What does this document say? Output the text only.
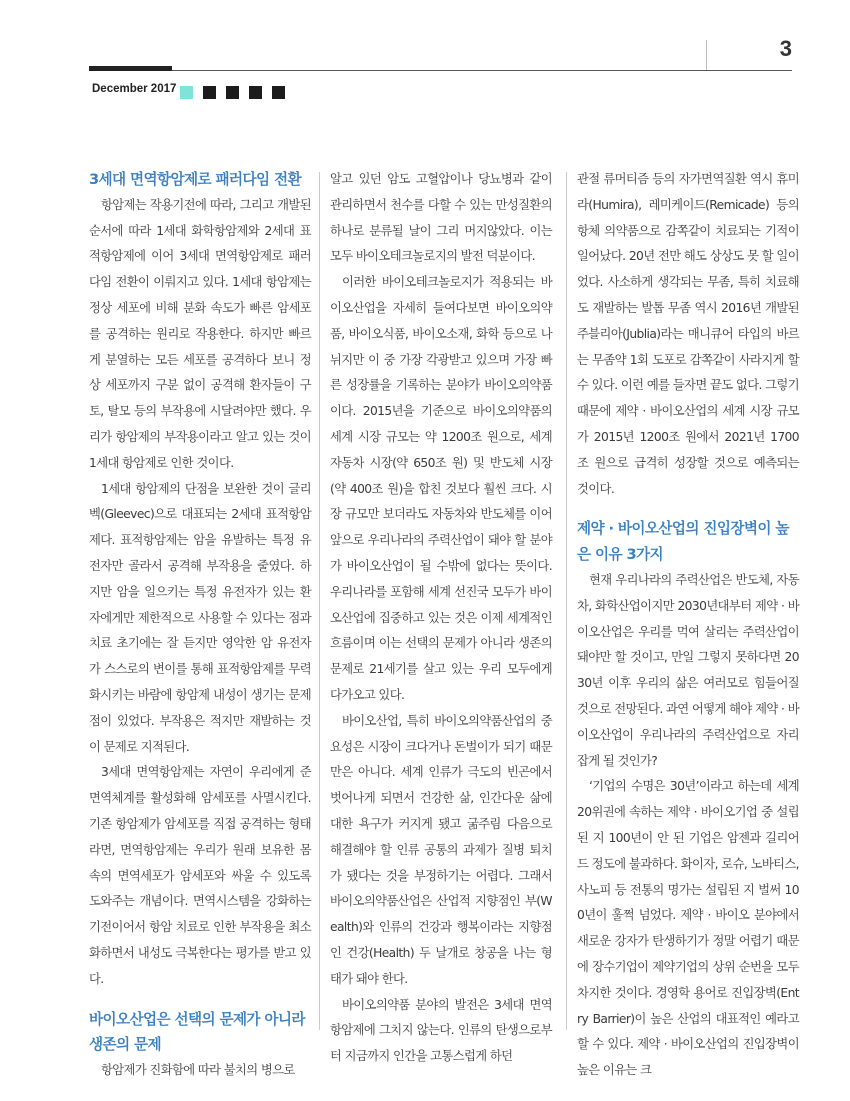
3
December 2017
3세대 면역항암제로 패러다임 전환

항암제는 작용기전에 따라, 그리고 개발된 순서에 따라 1세대 화학항암제와 2세대 표적항암제에 이어 3세대 면역항암제로 패러다임 전환이 이뤄지고 있다. 1세대 항암제는 정상 세포에 비해 분화 속도가 빠른 암세포를 공격하는 원리로 작용한다. 하지만 빠르게 분열하는 모든 세포를 공격하다 보니 정상 세포까지 구분 없이 공격해 환자들이 구토, 탈모 등의 부작용에 시달려야만 했다. 우리가 항암제의 부작용이라고 알고 있는 것이 1세대 항암제로 인한 것이다.

1세대 항암제의 단점을 보완한 것이 글리벡(Gleevec)으로 대표되는 2세대 표적항암제다. 표적항암제는 암을 유발하는 특정 유전자만 골라서 공격해 부작용을 줄였다. 하지만 암을 일으키는 특정 유전자가 있는 환자에게만 제한적으로 사용할 수 있다는 점과 치료 초기에는 잘 듣지만 영악한 암 유전자가 스스로의 변이를 통해 표적항암제를 무력화시키는 바람에 항암제 내성이 생기는 문제점이 있었다. 부작용은 적지만 재발하는 것이 문제로 지적된다.

3세대 면역항암제는 자연이 우리에게 준 면역체계를 활성화해 암세포를 사멸시킨다. 기존 항암제가 암세포를 직접 공격하는 형태라면, 면역항암제는 우리가 원래 보유한 몸속의 면역세포가 암세포와 싸울 수 있도록 도와주는 개념이다. 면역시스템을 강화하는 기전이어서 항암 치료로 인한 부작용을 최소화하면서 내성도 극복한다는 평가를 받고 있다.

바이오산업은 선택의 문제가 아니라 생존의 문제

항암제가 진화함에 따라 불치의 병으로

알고 있던 암도 고혈압이나 당뇨병과 같이 관리하면서 천수를 다할 수 있는 만성질환의 하나로 분류될 날이 그리 머지않았다. 이는 모두 바이오테크놀로지의 발전 덕분이다.

이러한 바이오테크놀로지가 적용되는 바이오산업을 자세히 들여다보면 바이오의약품, 바이오식품, 바이오소재, 화학 등으로 나뉘지만 이 중 가장 각광받고 있으며 가장 빠른 성장률을 기록하는 분야가 바이오의약품이다. 2015년을 기준으로 바이오의약품의 세계 시장 규모는 약 1200조 원으로, 세계 자동차 시장(약 650조 원) 및 반도체 시장(약 400조 원)을 합친 것보다 훨씬 크다. 시장 규모만 보더라도 자동차와 반도체를 이어 앞으로 우리나라의 주력산업이 돼야 할 분야가 바이오산업이 될 수밖에 없다는 뜻이다. 우리나라를 포함해 세계 선진국 모두가 바이오산업에 집중하고 있는 것은 이제 세계적인 흐름이며 이는 선택의 문제가 아니라 생존의 문제로 21세기를 살고 있는 우리 모두에게 다가오고 있다.

바이오산업, 특히 바이오의약품산업의 중요성은 시장이 크다거나 돈벌이가 되기 때문만은 아니다. 세계 인류가 극도의 빈곤에서 벗어나게 되면서 건강한 삶, 인간다운 삶에 대한 욕구가 커지게 됐고 굶주림 다음으로 해결해야 할 인류 공통의 과제가 질병 퇴치가 됐다는 것을 부정하기는 어렵다. 그래서 바이오의약품산업은 산업적 지향점인 부(Wealth)와 인류의 건강과 행복이라는 지향점인 건강(Health) 두 날개로 창공을 나는 형태가 돼야 한다.

바이오의약품 분야의 발전은 3세대 면역항암제에 그치지 않는다. 인류의 탄생으로부터 지금까지 인간을 고통스럽게 하던

관절 류머티즘 등의 자가면역질환 역시 휴미라(Humira), 레미케이드(Remicade) 등의 항체 의약품으로 감쪽같이 치료되는 기적이 일어났다. 20년 전만 해도 상상도 못 할 일이었다. 사소하게 생각되는 무좀, 특히 치료해도 재발하는 발톱 무좀 역시 2016년 개발된 주블리아(Jublia)라는 매니큐어 타입의 바르는 무좀약 1회 도포로 감쪽같이 사라지게 할 수 있다. 이런 예를 들자면 끝도 없다. 그렇기 때문에 제약 · 바이오산업의 세계 시장 규모가 2015년 1200조 원에서 2021년 1700조 원으로 급격히 성장할 것으로 예측되는 것이다.

제약 · 바이오산업의 진입장벽이 높은 이유 3가지

현재 우리나라의 주력산업은 반도체, 자동차, 화학산업이지만 2030년대부터 제약 · 바이오산업은 우리를 먹여 살리는 주력산업이 돼야만 할 것이고, 만일 그렇지 못하다면 2030년 이후 우리의 삶은 여러모로 힘들어질 것으로 전망된다. 과연 어떻게 해야 제약 · 바이오산업이 우리나라의 주력산업으로 자리잡게 될 것인가?

‘기업의 수명은 30년’이라고 하는데 세계 20위권에 속하는 제약 · 바이오기업 중 설립된 지 100년이 안 된 기업은 암젠과 길리어드 정도에 불과하다. 화이자, 로슈, 노바티스, 사노피 등 전통의 명가는 설립된 지 벌써 100년이 훌쩍 넘었다. 제약 · 바이오 분야에서 새로운 강자가 탄생하기가 정말 어렵기 때문에 장수기업이 제약기업의 상위 순번을 모두 차지한 것이다. 경영학 용어로 진입장벽(Entry Barrier)이 높은 산업의 대표적인 예라고 할 수 있다. 제약 · 바이오산업의 진입장벽이 높은 이유는 크
